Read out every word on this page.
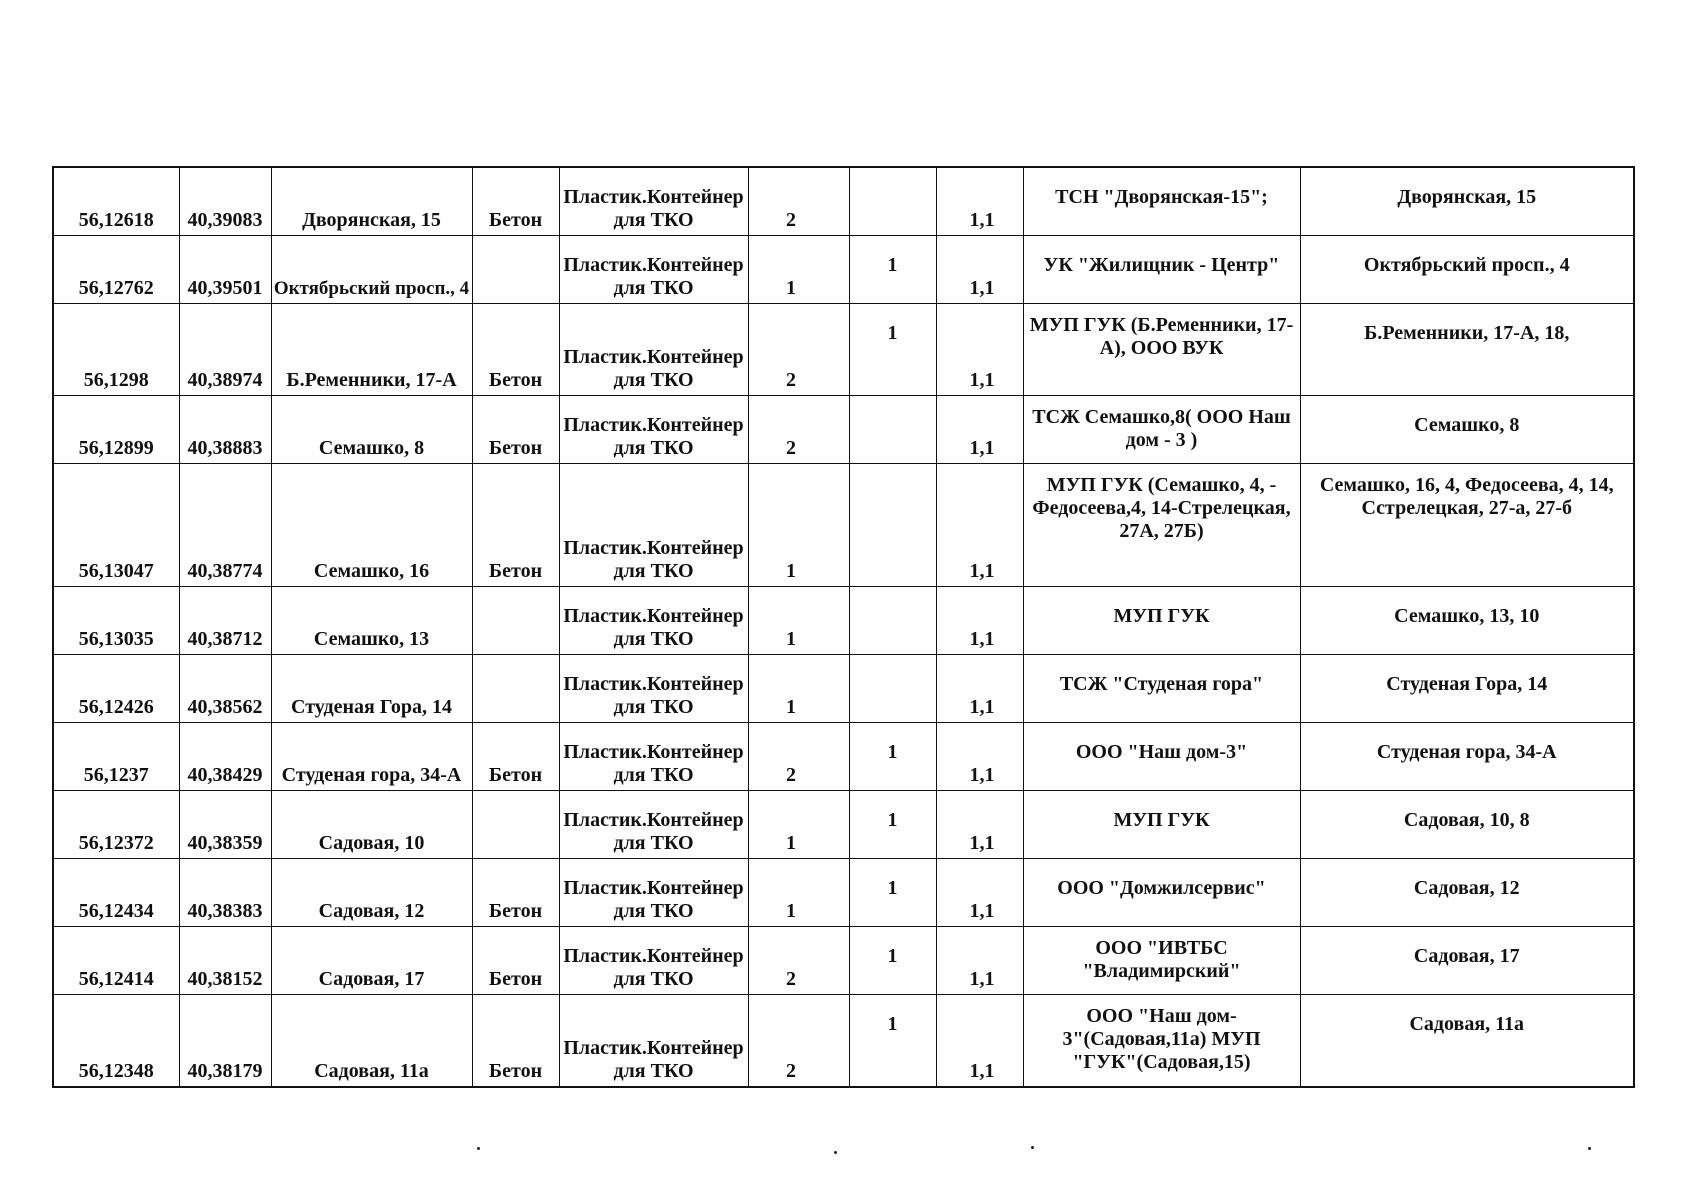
56,12618	40,39083	Дворянская, 15	Бетон	Пластик.Контейнер
для ТКО	2		1,1	ТСН "Дворянская-15";	Дворянская, 15
56,12762	40,39501	Октябрьский просп., 4		Пластик.Контейнер
для ТКО	1	1	1,1	УК "Жилищник - Центр"	Октябрьский просп., 4
56,1298	40,38974	Б.Ременники, 17-А	Бетон	Пластик.Контейнер
для ТКО	2	1	1,1	МУП ГУК (Б.Ременники, 17-
А), ООО ВУК	Б.Ременники, 17-А, 18,
56,12899	40,38883	Семашко, 8	Бетон	Пластик.Контейнер
для ТКО	2		1,1	ТСЖ Семашко,8( ООО Наш
дом - 3 )	Семашко, 8
56,13047	40,38774	Семашко, 16	Бетон	Пластик.Контейнер
для ТКО	1		1,1	МУП ГУК (Семашко, 4, -
Федосеева,4, 14-Стрелецкая,
27А, 27Б)	Семашко, 16, 4, Федосеева, 4, 14,
Сстрелецкая, 27-а, 27-б
56,13035	40,38712	Семашко, 13		Пластик.Контейнер
для ТКО	1		1,1	МУП ГУК	Семашко, 13, 10
56,12426	40,38562	Студеная Гора, 14		Пластик.Контейнер
для ТКО	1		1,1	ТСЖ "Студеная гора"	Студеная Гора, 14
56,1237	40,38429	Студеная гора, 34-А	Бетон	Пластик.Контейнер
для ТКО	2	1	1,1	ООО "Наш дом-3"	Студеная гора, 34-А
56,12372	40,38359	Садовая, 10		Пластик.Контейнер
для ТКО	1	1	1,1	МУП ГУК	Садовая, 10, 8
56,12434	40,38383	Садовая, 12	Бетон	Пластик.Контейнер
для ТКО	1	1	1,1	ООО "Домжилсервис"	Садовая, 12
56,12414	40,38152	Садовая, 17	Бетон	Пластик.Контейнер
для ТКО	2	1	1,1	ООО "ИВТБС
"Владимирский"	Садовая, 17
56,12348	40,38179	Садовая, 11а	Бетон	Пластик.Контейнер
для ТКО	2	1	1,1	ООО "Наш дом-
3"(Садовая,11а) МУП
"ГУК"(Садовая,15)	Садовая, 11а
